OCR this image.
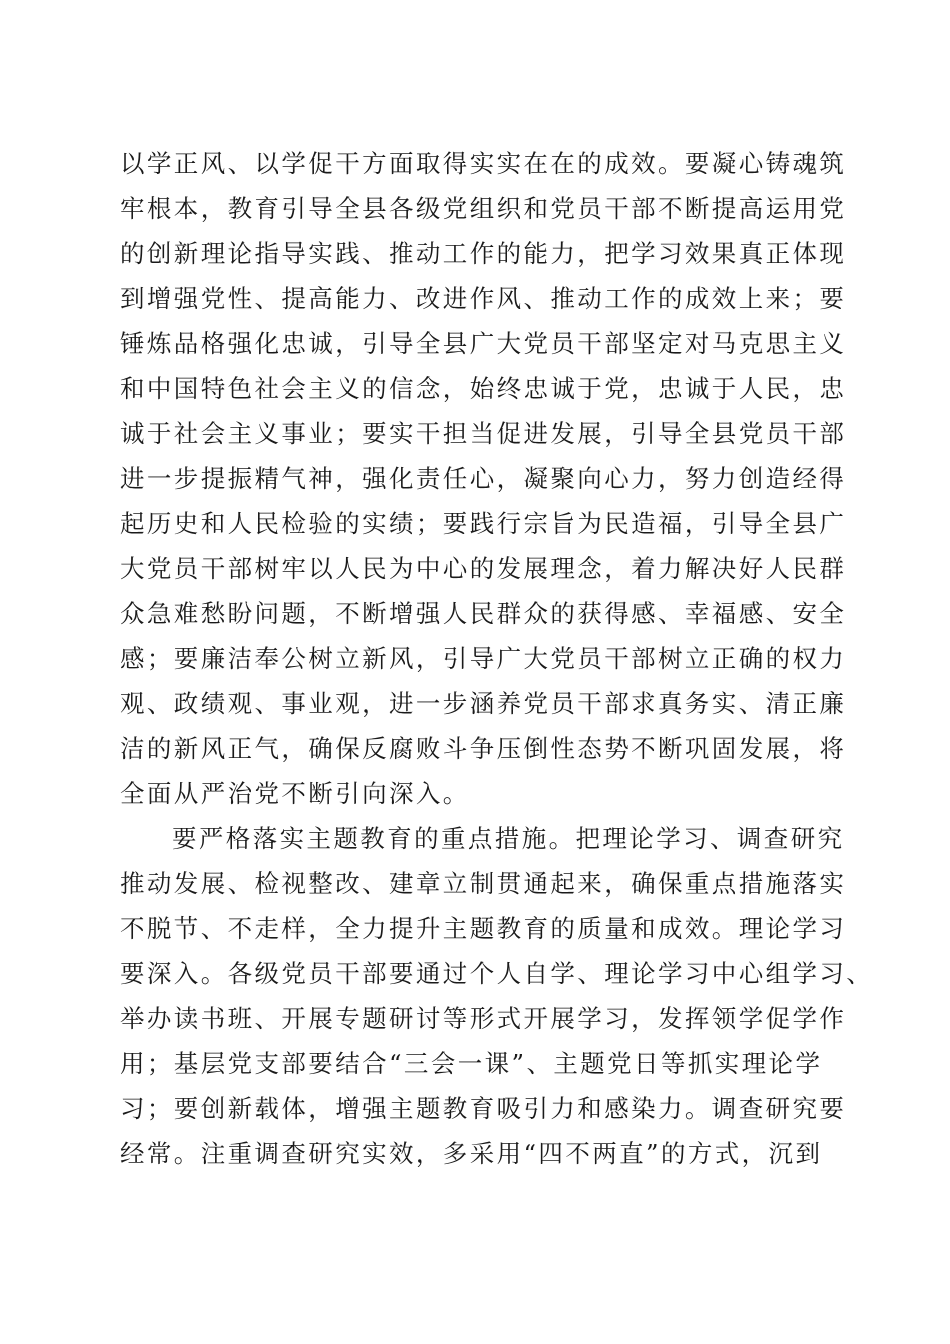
以学正风、以学促干方面取得实实在在的成效。要凝心铸魂筑
牢根本，教育引导全县各级党组织和党员干部不断提高运用党
的创新理论指导实践、推动工作的能力，把学习效果真正体现
到增强党性、提高能力、改进作风、推动工作的成效上来；要
锤炼品格强化忠诚，引导全县广大党员干部坚定对马克思主义
和中国特色社会主义的信念，始终忠诚于党，忠诚于人民，忠
诚于社会主义事业；要实干担当促进发展，引导全县党员干部
进一步提振精气神，强化责任心，凝聚向心力，努力创造经得
起历史和人民检验的实绩；要践行宗旨为民造福，引导全县广
大党员干部树牢以人民为中心的发展理念，着力解决好人民群
众急难愁盼问题，不断增强人民群众的获得感、幸福感、安全
感；要廉洁奉公树立新风，引导广大党员干部树立正确的权力
观、政绩观、事业观，进一步涵养党员干部求真务实、清正廉
洁的新风正气，确保反腐败斗争压倒性态势不断巩固发展，将
全面从严治党不断引向深入。
要严格落实主题教育的重点措施。把理论学习、调查研究
推动发展、检视整改、建章立制贯通起来，确保重点措施落实
不脱节、不走样，全力提升主题教育的质量和成效。理论学习
要深入。各级党员干部要通过个人自学、理论学习中心组学习、
举办读书班、开展专题研讨等形式开展学习，发挥领学促学作
用；基层党支部要结合“三会一课”、主题党日等抓实理论学
习；要创新载体，增强主题教育吸引力和感染力。调查研究要
经常。注重调查研究实效，多采用“四不两直”的方式，沉到
